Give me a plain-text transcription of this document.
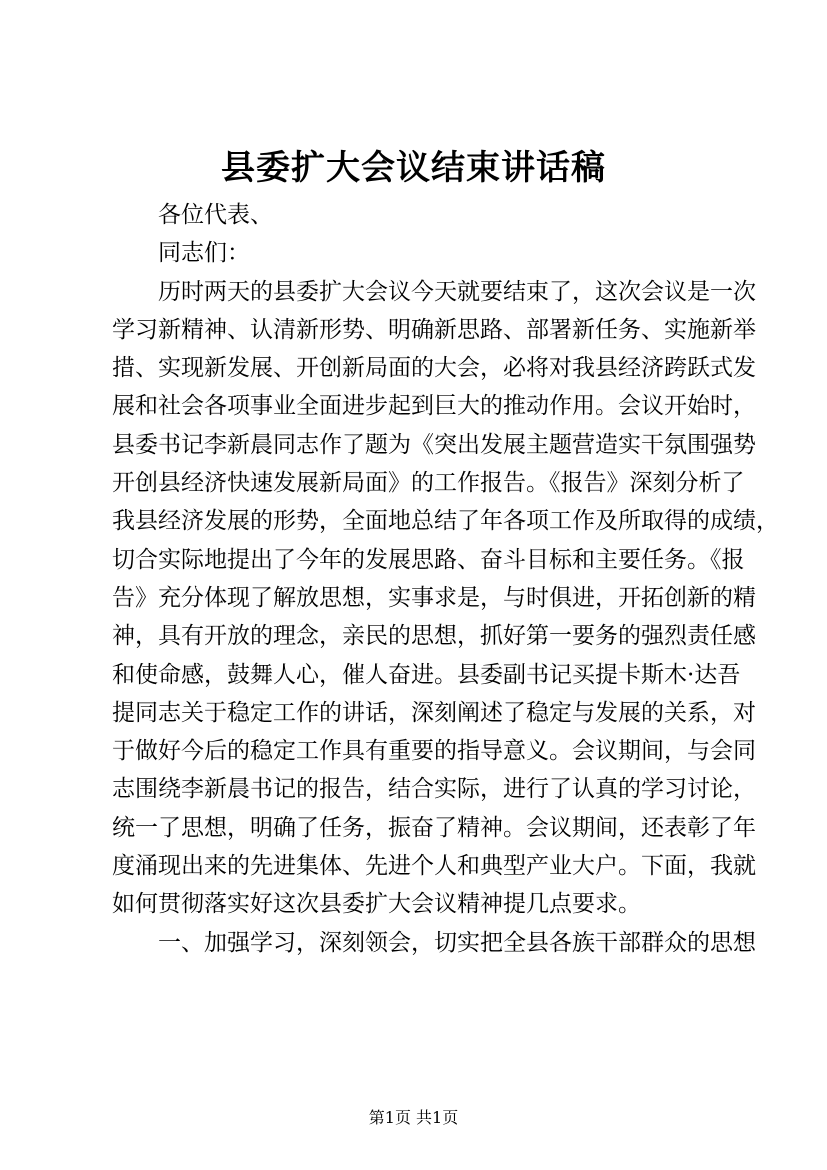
县委扩大会议结束讲话稿
各位代表、
同志们：
历时两天的县委扩大会议今天就要结束了，这次会议是一次
学习新精神、认清新形势、明确新思路、部署新任务、实施新举
措、实现新发展、开创新局面的大会，必将对我县经济跨跃式发
展和社会各项事业全面进步起到巨大的推动作用。会议开始时，
县委书记李新晨同志作了题为《突出发展主题营造实干氛围强势
开创县经济快速发展新局面》的工作报告。《报告》深刻分析了
我县经济发展的形势，全面地总结了年各项工作及所取得的成绩，
切合实际地提出了今年的发展思路、奋斗目标和主要任务。《报
告》充分体现了解放思想，实事求是，与时俱进，开拓创新的精
神，具有开放的理念，亲民的思想，抓好第一要务的强烈责任感
和使命感，鼓舞人心，催人奋进。县委副书记买提卡斯木·达吾
提同志关于稳定工作的讲话，深刻阐述了稳定与发展的关系，对
于做好今后的稳定工作具有重要的指导意义。会议期间，与会同
志围绕李新晨书记的报告，结合实际，进行了认真的学习讨论，
统一了思想，明确了任务，振奋了精神。会议期间，还表彰了年
度涌现出来的先进集体、先进个人和典型产业大户。下面，我就
如何贯彻落实好这次县委扩大会议精神提几点要求。
一、加强学习，深刻领会，切实把全县各族干部群众的思想
第1页 共1页
